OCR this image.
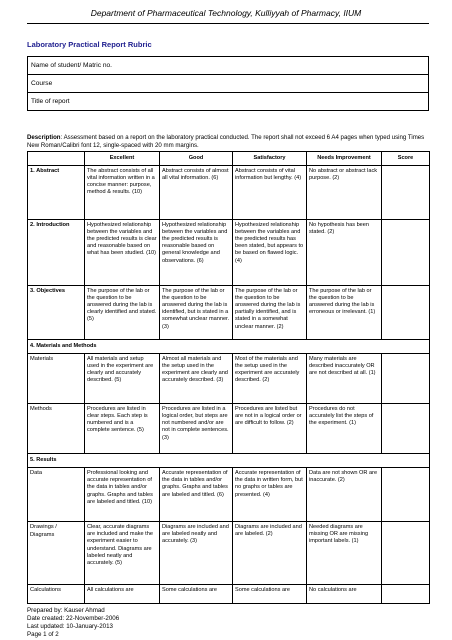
Department of Pharmaceutical Technology, Kulliyyah of Pharmacy, IIUM
Laboratory Practical Report Rubric
Name of student/ Matric no.
Course
Title of report
Description: Assessment based on a report on the laboratory practical conducted. The report shall not exceed 6 A4 pages when typed using Times New Roman/Calibri font 12, single-spaced with 20 mm margins.
	Excellent	Good	Satisfactory	Needs Improvement	Score
1. Abstract	The abstract consists of all vital information written in a concise manner: purpose, method & results. (10)	Abstract consists of almost all vital information. (6)	Abstract consists of vital information but lengthy. (4)	No abstract or abstract lack purpose. (2)	
2. Introduction	Hypothesized relationship between the variables and the predicted results is clear and reasonable based on what has been studied. (10)	Hypothesized relationship between the variables and the predicted results is reasonable based on general knowledge and observations. (6)	Hypothesized relationship between the variables and the predicted results has been stated, but appears to be based on flawed logic. (4)	No hypothesis has been stated. (2)	
3. Objectives	The purpose of the lab or the question to be answered during the lab is clearly identified and stated. (5)	The purpose of the lab or the question to be answered during the lab is identified, but is stated in a somewhat unclear manner. (3)	The purpose of the lab or the question to be answered during the lab is partially identified, and is stated in a somewhat unclear manner. (2)	The purpose of the lab or the question to be answered during the lab is erroneous or irrelevant. (1)	
4. Materials and Methods					
Materials	All materials and setup used in the experiment are clearly and accurately described. (5)	Almost all materials and the setup used in the experiment are clearly and accurately described. (3)	Most of the materials and the setup used in the experiment are accurately described. (2)	Many materials are described inaccurately OR are not described at all. (1)	
Methods	Procedures are listed in clear steps. Each step is numbered and is a complete sentence. (5)	Procedures are listed in a logical order, but steps are not numbered and/or are not in complete sentences. (3)	Procedures are listed but are not in a logical order or are difficult to follow. (2)	Procedures do not accurately list the steps of the experiment. (1)	
5. Results					
Data	Professional looking and accurate representation of the data in tables and/or graphs. Graphs and tables are labeled and titled. (10)	Accurate representation of the data in tables and/or graphs. Graphs and tables are labeled and titled. (6)	Accurate representation of the data in written form, but no graphs or tables are presented. (4)	Data are not shown OR are inaccurate. (2)	
Drawings / Diagrams	Clear, accurate diagrams are included and make the experiment easier to understand. Diagrams are labeled neatly and accurately. (5)	Diagrams are included and are labeled neatly and accurately. (3)	Diagrams are included and are labeled. (2)	Needed diagrams are missing OR are missing important labels. (1)	
Calculations	All calculations are	Some calculations are	Some calculations are	No calculations are	
Prepared by: Kauser Ahmad
Date created: 22-November-2006
Last updated: 10-January-2013
Page 1 of 2
